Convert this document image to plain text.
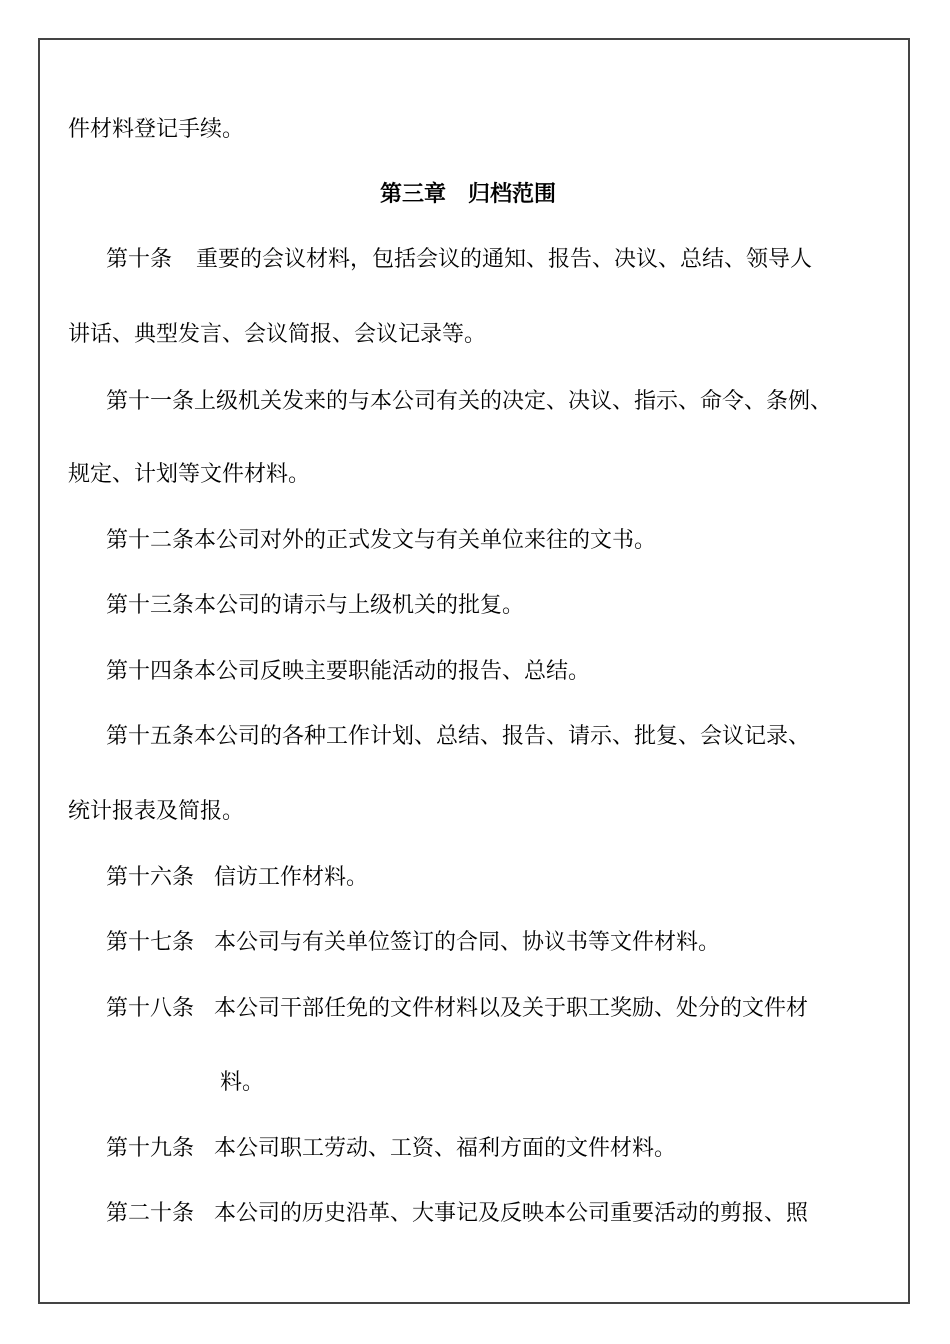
件材料登记手续。
第三章　归档范围
第十条 重要的会议材料，包括会议的通知、报告、决议、总结、领导人
讲话、典型发言、会议简报、会议记录等。
第十一条上级机关发来的与本公司有关的决定、决议、指示、命令、条例、
规定、计划等文件材料。
第十二条本公司对外的正式发文与有关单位来往的文书。
第十三条本公司的请示与上级机关的批复。
第十四条本公司反映主要职能活动的报告、总结。
第十五条本公司的各种工作计划、总结、报告、请示、批复、会议记录、
统计报表及简报。
第十六条 信访工作材料。
第十七条 本公司与有关单位签订的合同、协议书等文件材料。
第十八条 本公司干部任免的文件材料以及关于职工奖励、处分的文件材
料。
第十九条 本公司职工劳动、工资、福利方面的文件材料。
第二十条 本公司的历史沿革、大事记及反映本公司重要活动的剪报、照
